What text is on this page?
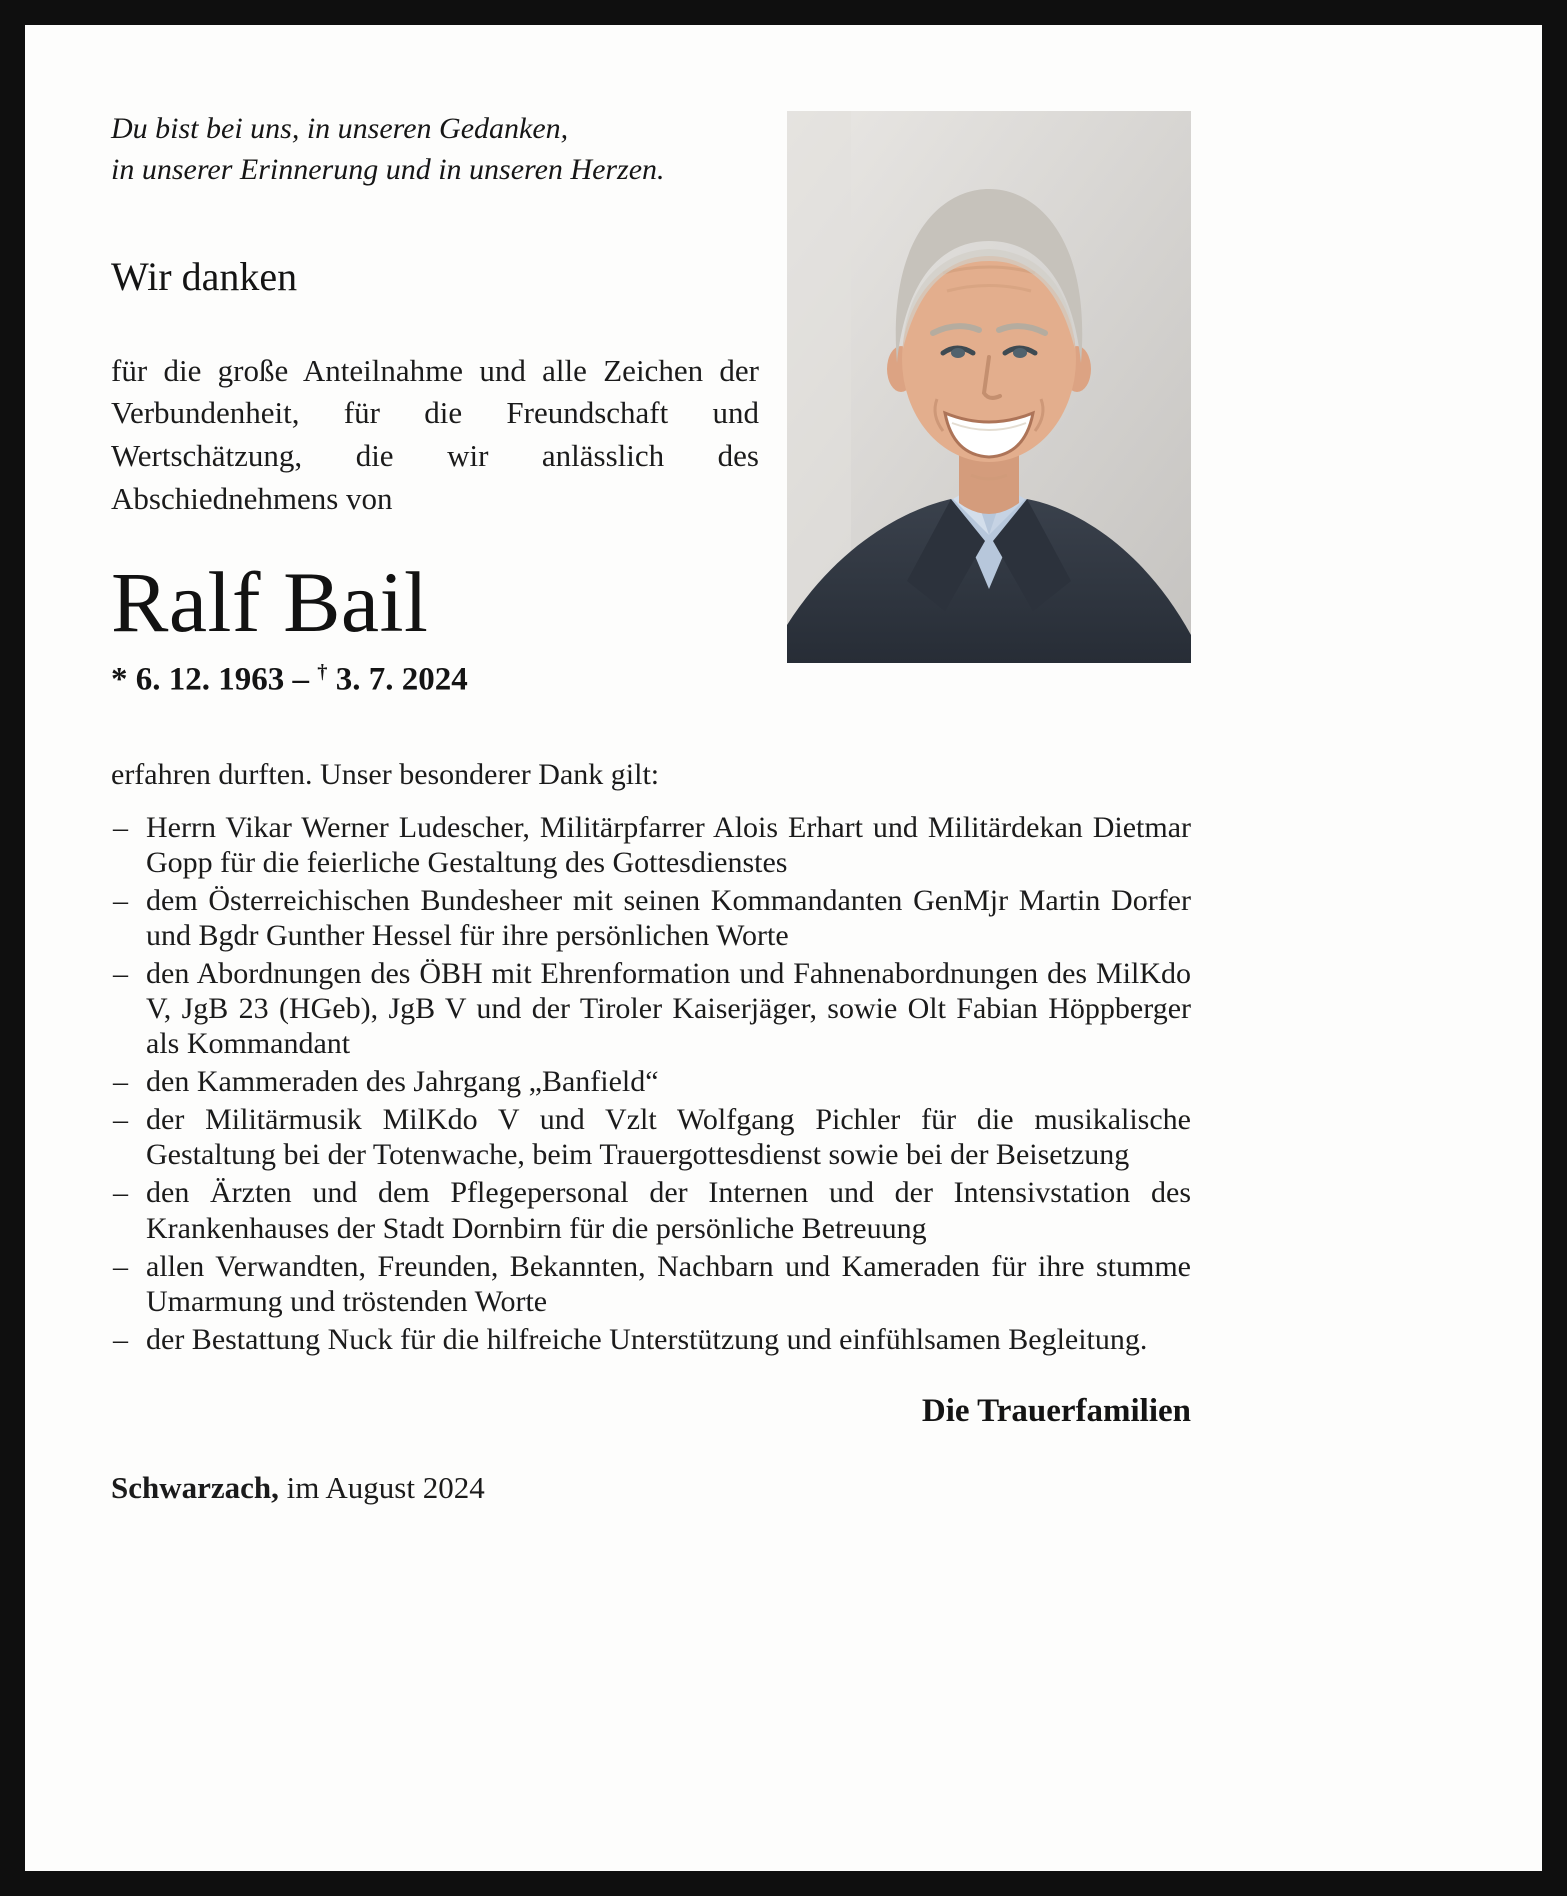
Du bist bei uns, in unseren Gedanken,
in unserer Erinnerung und in unseren Herzen.
Wir danken
für die große Anteilnahme und alle Zeichen der Verbundenheit, für die Freundschaft und Wertschätzung, die wir anlässlich des Abschiednehmens von
Ralf Bail
* 6. 12. 1963 – † 3. 7. 2024
erfahren durften. Unser besonderer Dank gilt:
– Herrn Vikar Werner Ludescher, Militärpfarrer Alois Erhart und Militärdekan Dietmar Gopp für die feierliche Gestaltung des Gottesdienstes
– dem Österreichischen Bundesheer mit seinen Kommandanten GenMjr Martin Dorfer und Bgdr Gunther Hessel für ihre persönlichen Worte
– den Abordnungen des ÖBH mit Ehrenformation und Fahnenabordnungen des MilKdo V, JgB 23 (HGeb), JgB V und der Tiroler Kaiserjäger, sowie Olt Fabian Höppberger als Kommandant
– den Kammeraden des Jahrgang „Banfield“
– der Militärmusik MilKdo V und Vzlt Wolfgang Pichler für die musikalische Gestaltung bei der Totenwache, beim Trauergottesdienst sowie bei der Beisetzung
– den Ärzten und dem Pflegepersonal der Internen und der Intensivstation des Krankenhauses der Stadt Dornbirn für die persönliche Betreuung
– allen Verwandten, Freunden, Bekannten, Nachbarn und Kameraden für ihre stumme Umarmung und tröstenden Worte
– der Bestattung Nuck für die hilfreiche Unterstützung und einfühlsamen Begleitung.
Die Trauerfamilien
Schwarzach, im August 2024
